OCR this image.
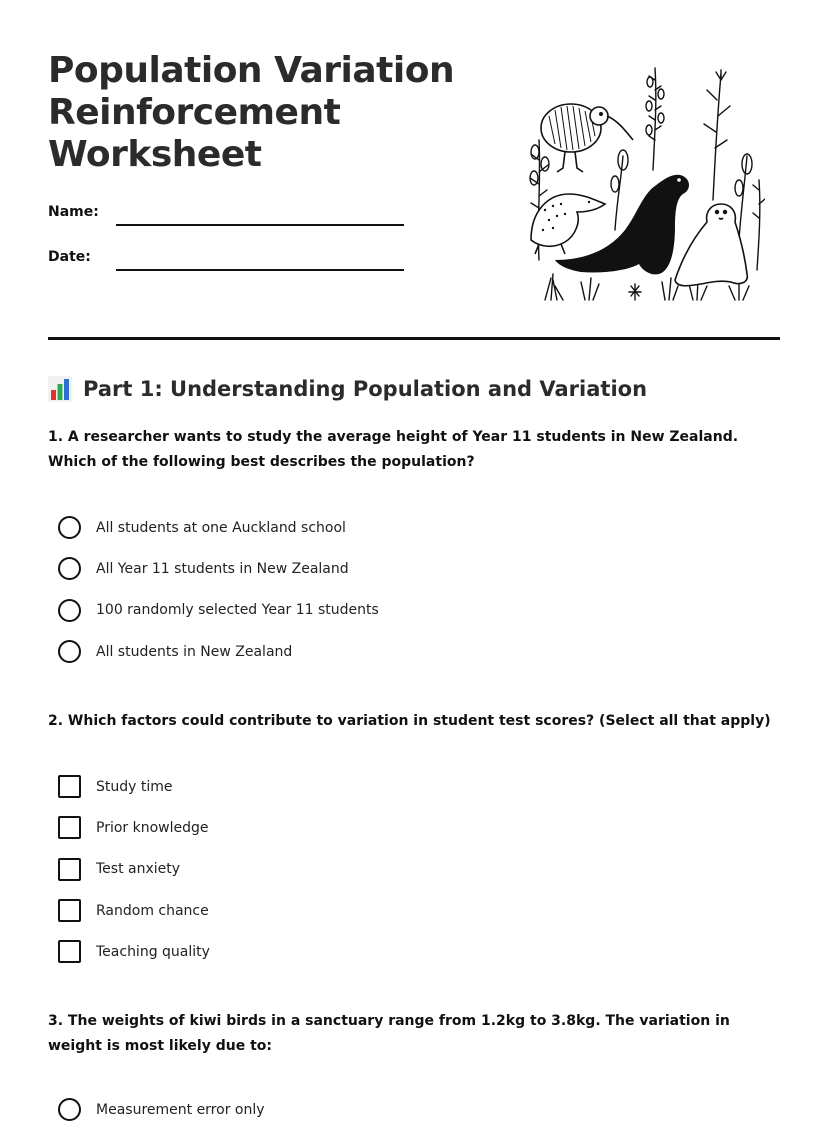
Population Variation
Reinforcement
Worksheet
Name:
Date:
Part 1: Understanding Population and Variation

1. A researcher wants to study the average height of Year 11 students in New Zealand. Which of the following best describes the population?

All students at one Auckland school
All Year 11 students in New Zealand
100 randomly selected Year 11 students
All students in New Zealand

2. Which factors could contribute to variation in student test scores? (Select all that apply)

Study time
Prior knowledge
Test anxiety
Random chance
Teaching quality

3. The weights of kiwi birds in a sanctuary range from 1.2kg to 3.8kg. The variation in weight is most likely due to:

Measurement error only
